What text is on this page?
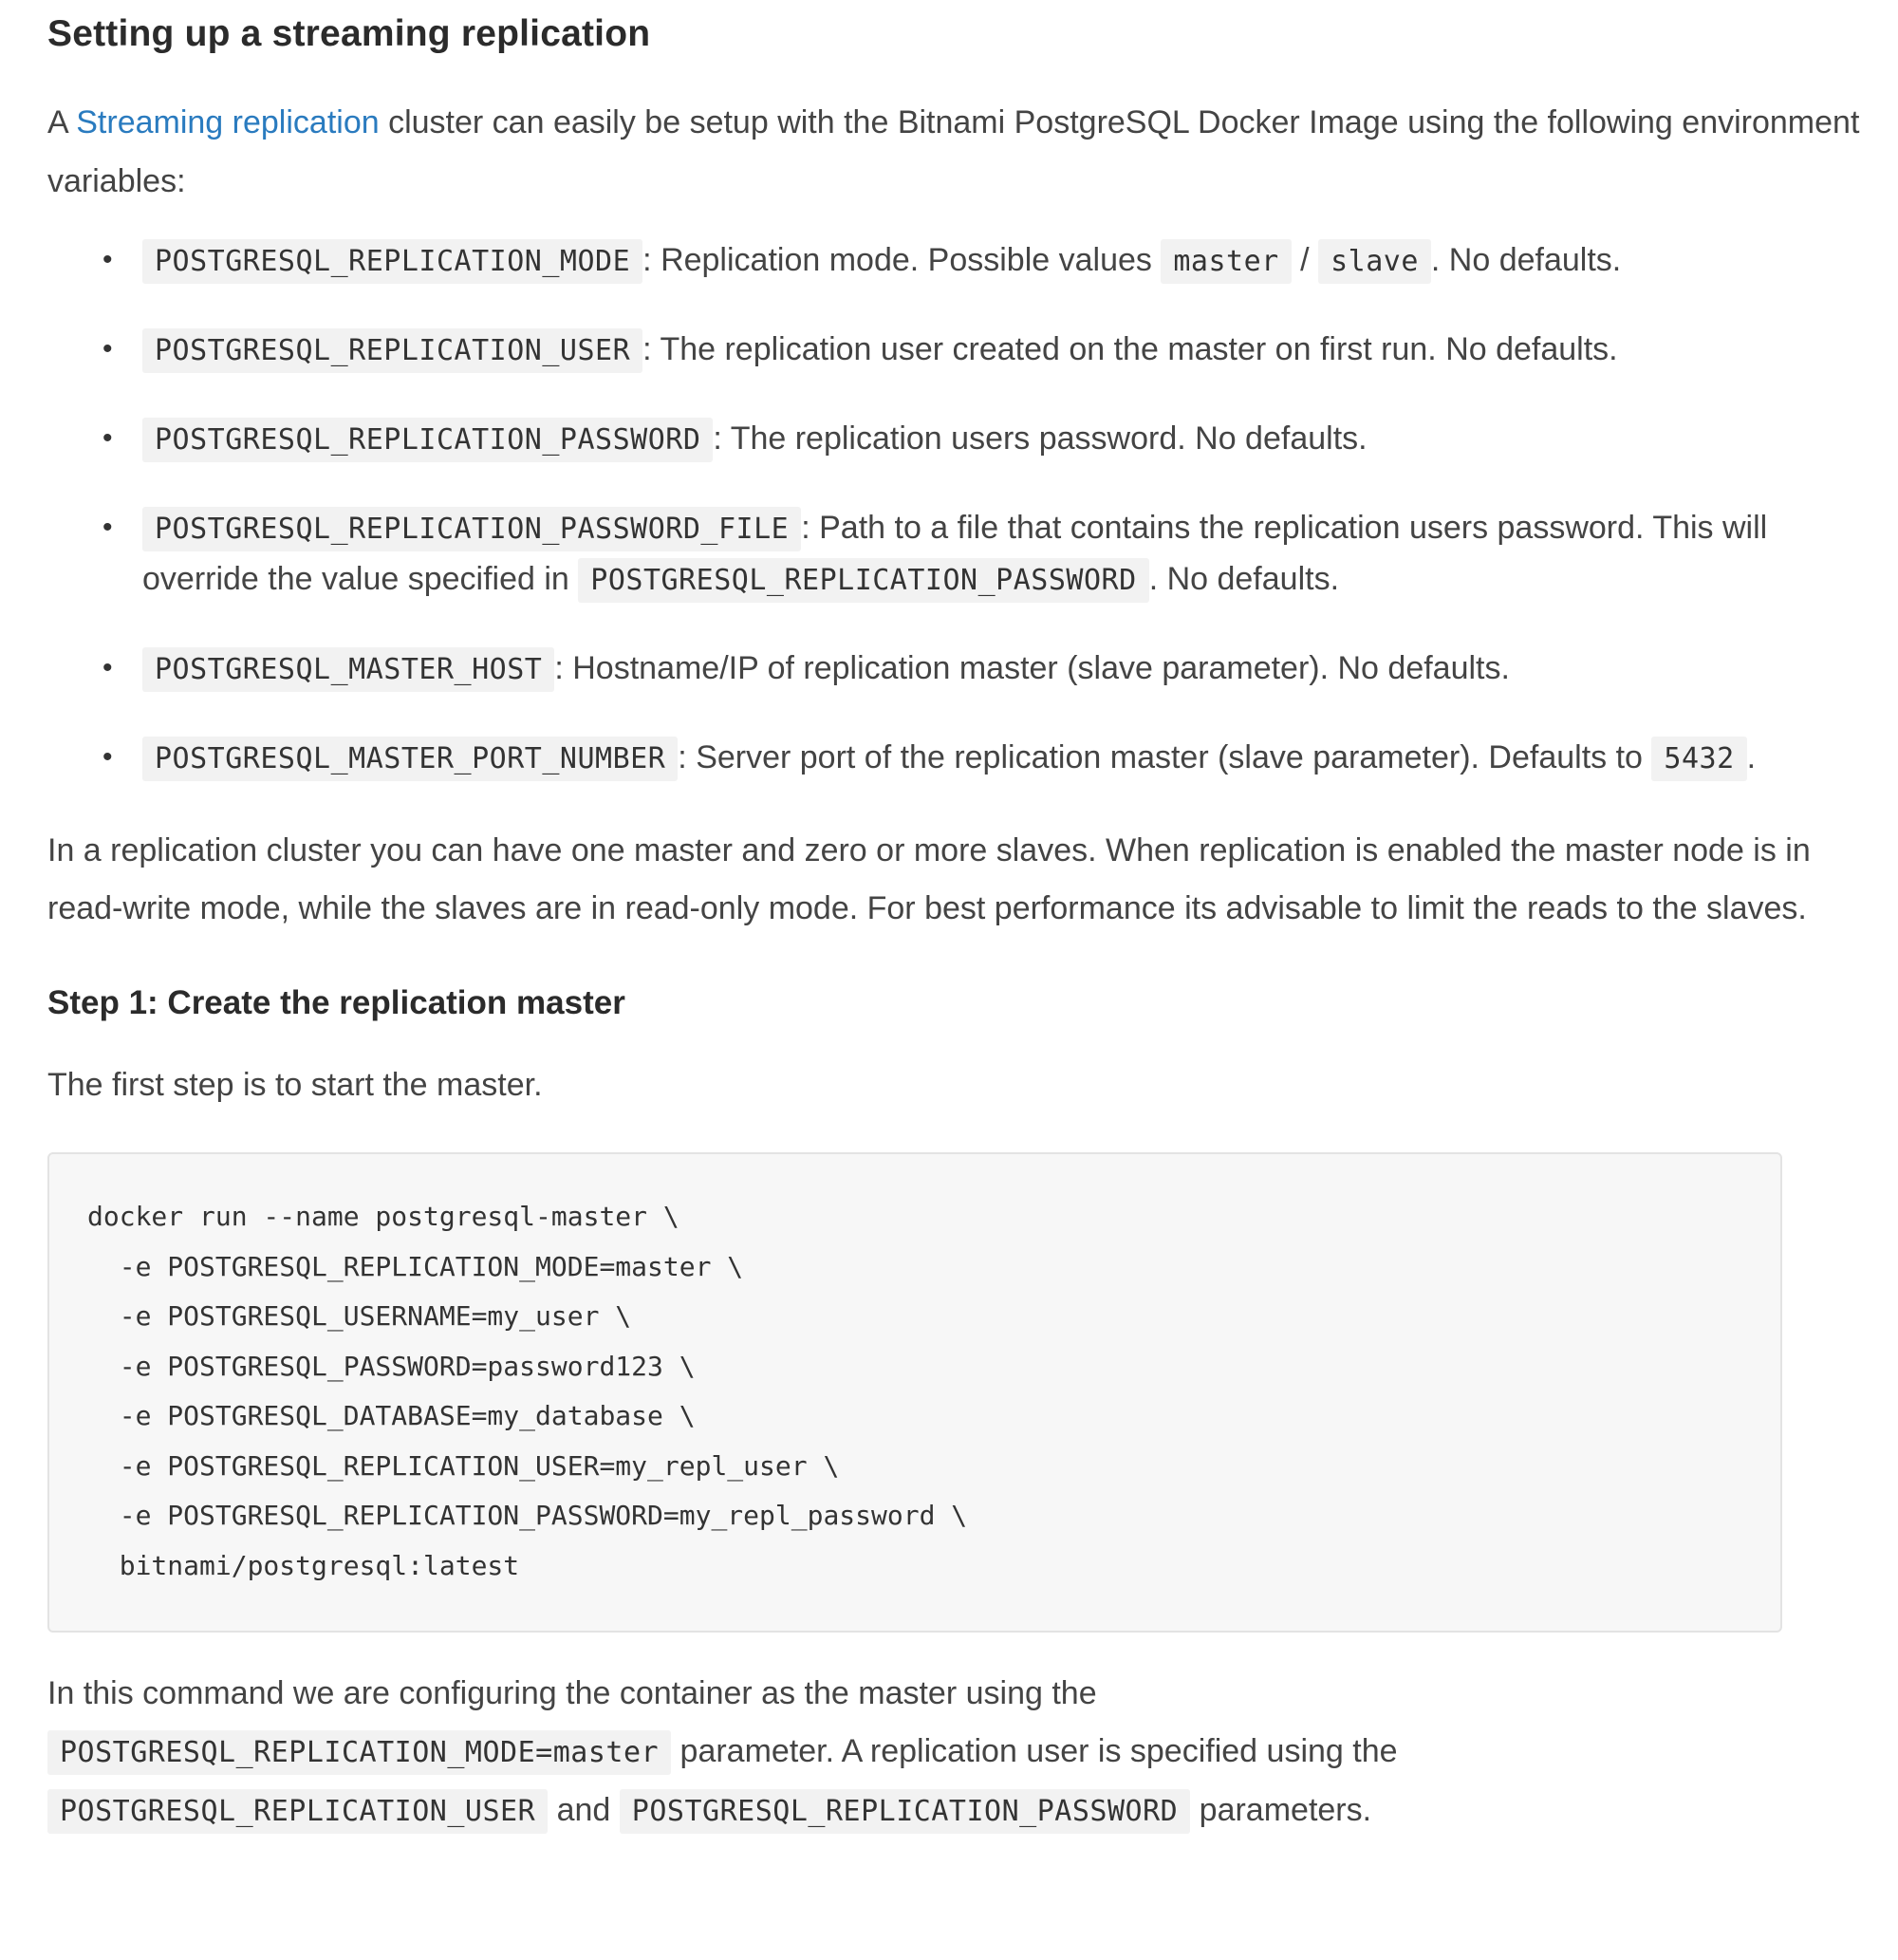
Setting up a streaming replication

A Streaming replication cluster can easily be setup with the Bitnami PostgreSQL Docker Image using the following environment variables:

• POSTGRESQL_REPLICATION_MODE : Replication mode. Possible values master / slave . No defaults.
• POSTGRESQL_REPLICATION_USER : The replication user created on the master on first run. No defaults.
• POSTGRESQL_REPLICATION_PASSWORD : The replication users password. No defaults.
• POSTGRESQL_REPLICATION_PASSWORD_FILE : Path to a file that contains the replication users password. This will override the value specified in POSTGRESQL_REPLICATION_PASSWORD . No defaults.
• POSTGRESQL_MASTER_HOST : Hostname/IP of replication master (slave parameter). No defaults.
• POSTGRESQL_MASTER_PORT_NUMBER : Server port of the replication master (slave parameter). Defaults to 5432 .

In a replication cluster you can have one master and zero or more slaves. When replication is enabled the master node is in read-write mode, while the slaves are in read-only mode. For best performance its advisable to limit the reads to the slaves.

Step 1: Create the replication master

The first step is to start the master.

docker run --name postgresql-master \
-e POSTGRESQL_REPLICATION_MODE=master \
-e POSTGRESQL_USERNAME=my_user \
-e POSTGRESQL_PASSWORD=password123 \
-e POSTGRESQL_DATABASE=my_database \
-e POSTGRESQL_REPLICATION_USER=my_repl_user \
-e POSTGRESQL_REPLICATION_PASSWORD=my_repl_password \
bitnami/postgresql:latest

In this command we are configuring the container as the master using the
POSTGRESQL_REPLICATION_MODE=master parameter. A replication user is specified using the
POSTGRESQL_REPLICATION_USER and POSTGRESQL_REPLICATION_PASSWORD parameters.
